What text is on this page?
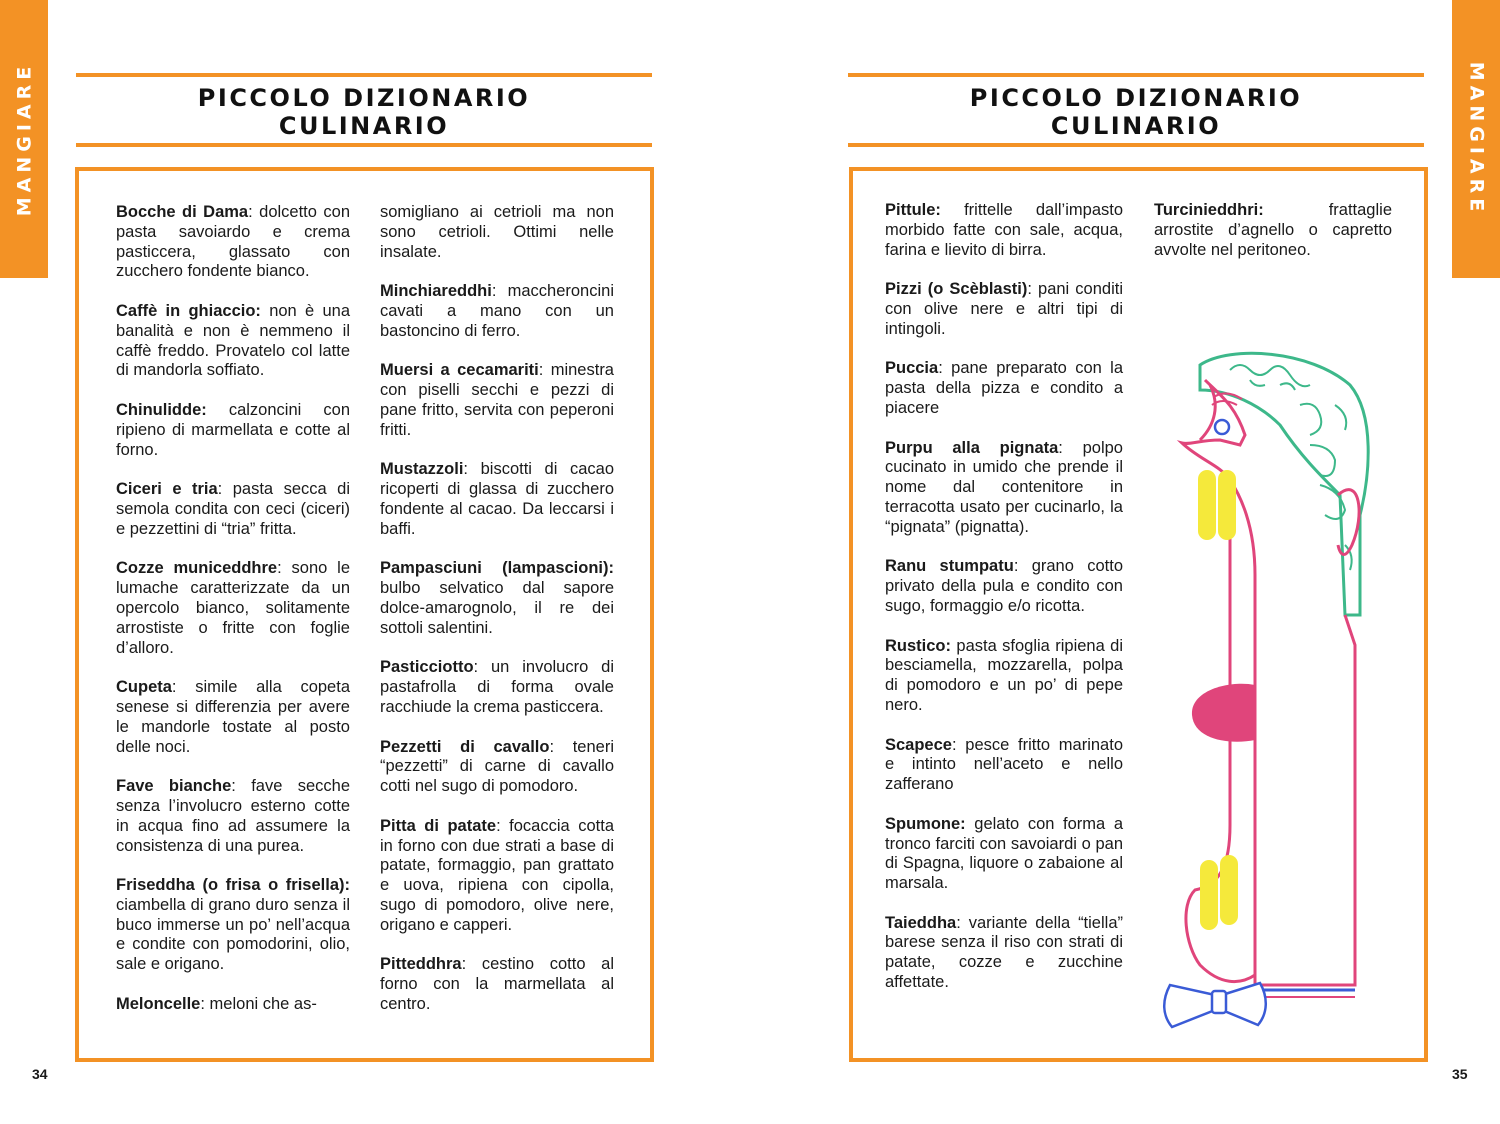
MANGIARE	MANGIARE
PICCOLO DIZIONARIO
CULINARIO
PICCOLO DIZIONARIO
CULINARIO

Bocche di Dama: dolcetto con pasta savoiardo e crema pasticcera, glassato con zucchero fondente bianco.

Caffè in ghiaccio: non è una banalità e non è nemmeno il caffè freddo. Provatelo col latte di mandorla soffiato.

Chinulidde: calzoncini con ripieno di marmellata e cotte al forno.

Ciceri e tria: pasta secca di semola condita con ceci (ciceri) e pezzettini di “tria” fritta.

Cozze municeddhre: sono le lumache caratterizzate da un opercolo bianco, solitamente arrostiste o fritte con foglie d’alloro.

Cupeta: simile alla copeta senese si differenzia per avere le mandorle tostate al posto delle noci.

Fave bianche: fave secche senza l’involucro esterno cotte in acqua fino ad assumere la consistenza di una purea.

Friseddha (o frisa o frisella): ciambella di grano duro senza il buco immerse un po’ nell’acqua e condite con pomodorini, olio, sale e origano.

Meloncelle: meloni che as-

somigliano ai cetrioli ma non sono cetrioli. Ottimi nelle insalate.

Minchiareddhi: maccheroncini cavati a mano con un bastoncino di ferro.

Muersi a cecamariti: minestra con piselli secchi e pezzi di pane fritto, servita con peperoni fritti.

Mustazzoli: biscotti di cacao ricoperti di glassa di zucchero fondente al cacao. Da leccarsi i baffi.

Pampasciuni (lampascioni): bulbo selvatico dal sapore dolce-amarognolo, il re dei sottoli salentini.

Pasticciotto: un involucro di pastafrolla di forma ovale racchiude la crema pasticcera.

Pezzetti di cavallo: teneri “pezzetti” di carne di cavallo cotti nel sugo di pomodoro.

Pitta di patate: focaccia cotta in forno con due strati a base di patate, formaggio, pan grattato e uova, ripiena con cipolla, sugo di pomodoro, olive nere, origano e capperi.

Pitteddhra: cestino cotto al forno con la marmellata al centro.

Pittule: frittelle dall’impasto morbido fatte con sale, acqua, farina e lievito di birra.

Pizzi (o Scèblasti): pani conditi con olive nere e altri tipi di intingoli.

Puccia: pane preparato con la pasta della pizza e condito a piacere

Purpu alla pignata: polpo cucinato in umido che prende il nome dal contenitore in terracotta usato per cucinarlo, la “pignata” (pignatta).

Ranu stumpatu: grano cotto privato della pula e condito con sugo, formaggio e/o ricotta.

Rustico: pasta sfoglia ripiena di besciamella, mozzarella, polpa di pomodoro e un po’ di pepe nero.

Scapece: pesce fritto marinato e intinto nell’aceto e nello zafferano

Spumone: gelato con forma a tronco farciti con savoiardi o pan di Spagna, liquore o zabaione al marsala.

Taieddha: variante della “tiella” barese senza il riso con strati di patate, cozze e zucchine affettate.

Turcinieddhri: frattaglie arrostite d’agnello o capretto avvolte nel peritoneo.

34	35
